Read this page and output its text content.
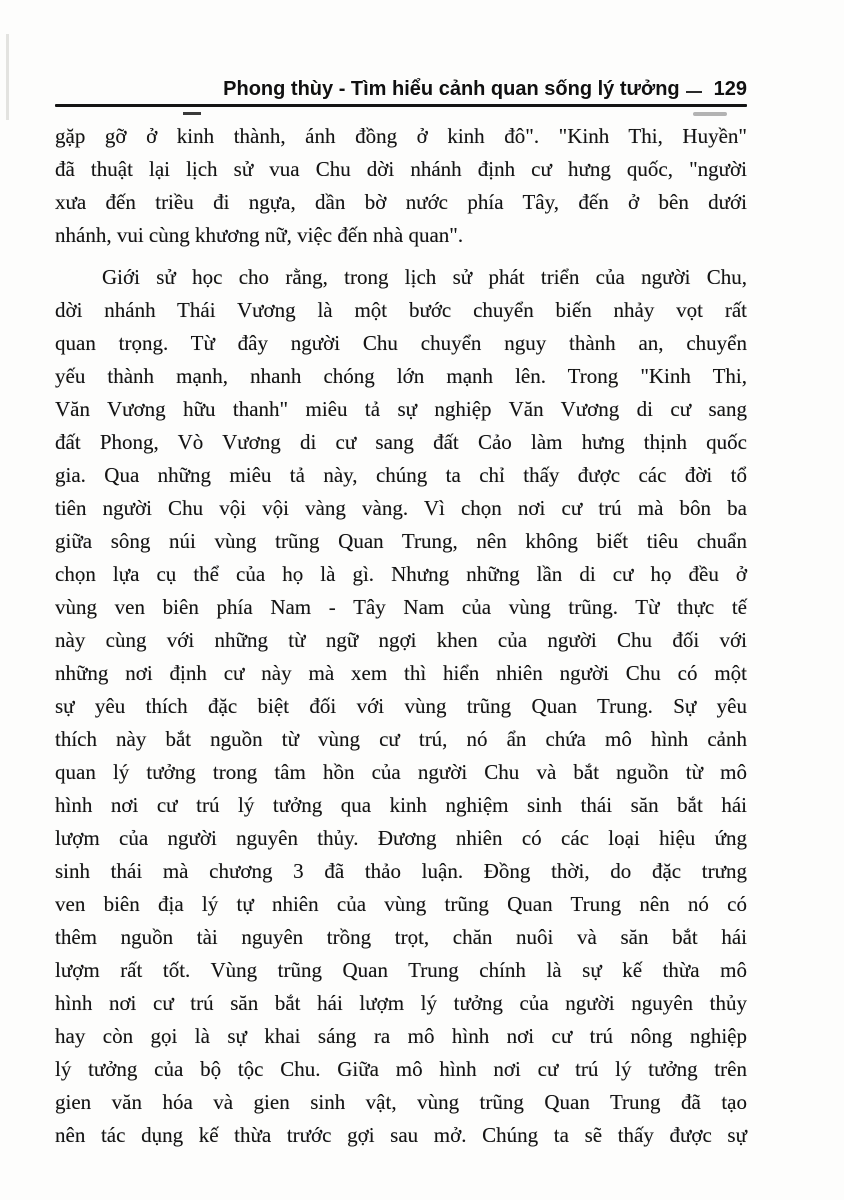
Phong thùy - Tìm hiểu cảnh quan sống lý tưởng 129
gặp gỡ ở kinh thành, ánh đồng ở kinh đô". "Kinh Thi, Huyền"
đã thuật lại lịch sử vua Chu dời nhánh định cư hưng quốc, "người
xưa đến triều đi ngựa, dần bờ nước phía Tây, đến ở bên dưới
nhánh, vui cùng khương nữ, việc đến nhà quan".
Giới sử học cho rằng, trong lịch sử phát triển của người Chu,
dời nhánh Thái Vương là một bước chuyển biến nhảy vọt rất
quan trọng. Từ đây người Chu chuyển nguy thành an, chuyển
yếu thành mạnh, nhanh chóng lớn mạnh lên. Trong "Kinh Thi,
Văn Vương hữu thanh" miêu tả sự nghiệp Văn Vương di cư sang
đất Phong, Vò Vương di cư sang đất Cảo làm hưng thịnh quốc
gia. Qua những miêu tả này, chúng ta chỉ thấy được các đời tổ
tiên người Chu vội vội vàng vàng. Vì chọn nơi cư trú mà bôn ba
giữa sông núi vùng trũng Quan Trung, nên không biết tiêu chuẩn
chọn lựa cụ thể của họ là gì. Nhưng những lần di cư họ đều ở
vùng ven biên phía Nam - Tây Nam của vùng trũng. Từ thực tế
này cùng với những từ ngữ ngợi khen của người Chu đối với
những nơi định cư này mà xem thì hiển nhiên người Chu có một
sự yêu thích đặc biệt đối với vùng trũng Quan Trung. Sự yêu
thích này bắt nguồn từ vùng cư trú, nó ẩn chứa mô hình cảnh
quan lý tưởng trong tâm hồn của người Chu và bắt nguồn từ mô
hình nơi cư trú lý tưởng qua kinh nghiệm sinh thái săn bắt hái
lượm của người nguyên thủy. Đương nhiên có các loại hiệu ứng
sinh thái mà chương 3 đã thảo luận. Đồng thời, do đặc trưng
ven biên địa lý tự nhiên của vùng trũng Quan Trung nên nó có
thêm nguồn tài nguyên trồng trọt, chăn nuôi và săn bắt hái
lượm rất tốt. Vùng trũng Quan Trung chính là sự kế thừa mô
hình nơi cư trú săn bắt hái lượm lý tưởng của người nguyên thủy
hay còn gọi là sự khai sáng ra mô hình nơi cư trú nông nghiệp
lý tưởng của bộ tộc Chu. Giữa mô hình nơi cư trú lý tưởng trên
gien văn hóa và gien sinh vật, vùng trũng Quan Trung đã tạo
nên tác dụng kế thừa trước gợi sau mở. Chúng ta sẽ thấy được sự
